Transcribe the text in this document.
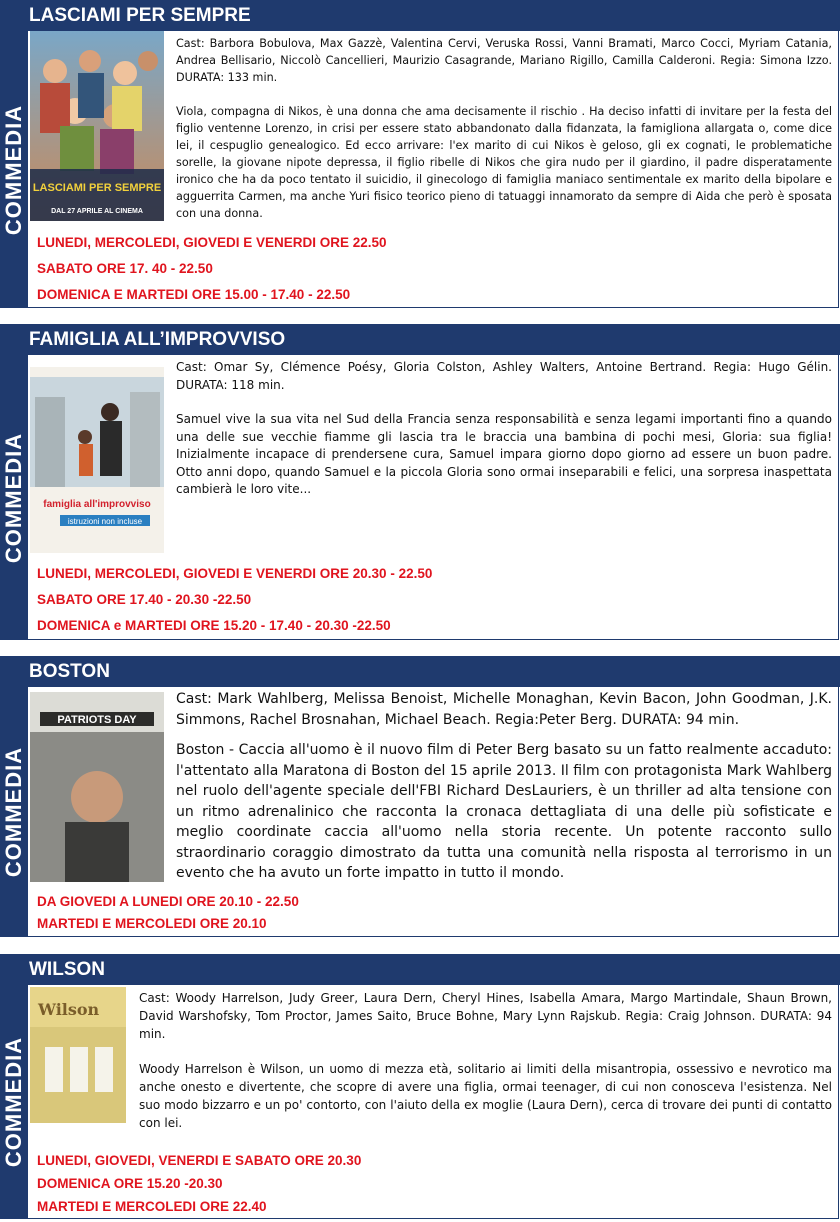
LASCIAMI PER SEMPRE
COMMEDIA LASCIAMI PER SEMPRE
DAL 27 APRILE AL CINEMA

Cast: Barbora Bobulova, Max Gazzè, Valentina Cervi, Veruska Rossi, Vanni Bramati, Marco Cocci, Myriam Catania, Andrea Bellisario, Niccolò Cancellieri, Maurizio Casagrande, Mariano Rigillo, Camilla Calderoni. Regia: Simona Izzo. DURATA: 133 min.

Viola, compagna di Nikos, è una donna che ama decisamente il rischio . Ha deciso infatti di invitare per la festa del figlio ventenne Lorenzo, in crisi per essere stato abbandonato dalla fidanzata, la famigliona allargata o, come dice lei, il cespuglio genealogico. Ed ecco arrivare: l'ex marito di cui Nikos è geloso, gli ex cognati, le problematiche sorelle, la giovane nipote depressa, il figlio ribelle di Nikos che gira nudo per il giardino, il padre disperatamente ironico che ha da poco tentato il suicidio, il ginecologo di famiglia maniaco sentimentale ex marito della bipolare e agguerrita Carmen, ma anche Yuri fisico teorico pieno di tatuaggi innamorato da sempre di Aida che però è sposata con una donna.

LUNEDI, MERCOLEDI, GIOVEDI E VENERDI ORE 22.50
SABATO ORE 17. 40 - 22.50
DOMENICA E MARTEDI ORE 15.00 - 17.40 - 22.50
FAMIGLIA ALL’IMPROVVISO
COMMEDIA famiglia all'improvviso
istruzioni non incluse

Cast: Omar Sy, Clémence Poésy, Gloria Colston, Ashley Walters, Antoine Bertrand. Regia: Hugo Gélin. DURATA: 118 min.

Samuel vive la sua vita nel Sud della Francia senza responsabilità e senza legami importanti fino a quando una delle sue vecchie fiamme gli lascia tra le braccia una bambina di pochi mesi, Gloria: sua figlia! Inizialmente incapace di prendersene cura, Samuel impara giorno dopo giorno ad essere un buon padre. Otto anni dopo, quando Samuel e la piccola Gloria sono ormai inseparabili e felici, una sorpresa inaspettata cambierà le loro vite...

LUNEDI, MERCOLEDI, GIOVEDI E VENERDI ORE 20.30 - 22.50
SABATO ORE 17.40 - 20.30 -22.50
DOMENICA e MARTEDI ORE 15.20 - 17.40 - 20.30 -22.50
BOSTON
COMMEDIA
PATRIOTS DAY

Cast: Mark Wahlberg, Melissa Benoist, Michelle Monaghan, Kevin Bacon, John Goodman, J.K. Simmons, Rachel Brosnahan, Michael Beach. Regia:Peter Berg. DURATA: 94 min.

Boston - Caccia all'uomo è il nuovo film di Peter Berg basato su un fatto realmente accaduto: l'attentato alla Maratona di Boston del 15 aprile 2013. Il film con protagonista Mark Wahlberg nel ruolo dell'agente speciale dell'FBI Richard DesLauriers, è un thriller ad alta tensione con un ritmo adrenalinico che racconta la cronaca dettagliata di una delle più sofisticate e meglio coordinate caccia all'uomo nella storia recente. Un potente racconto sullo straordinario coraggio dimostrato da tutta una comunità nella risposta al terrorismo in un evento che ha avuto un forte impatto in tutto il mondo.

DA GIOVEDI A LUNEDI ORE 20.10 - 22.50
MARTEDI E MERCOLEDI ORE 20.10
WILSON
COMMEDIA
Wilson

Cast: Woody Harrelson, Judy Greer, Laura Dern, Cheryl Hines, Isabella Amara, Margo Martindale, Shaun Brown, David Warshofsky, Tom Proctor, James Saito, Bruce Bohne, Mary Lynn Rajskub. Regia: Craig Johnson. DURATA: 94 min.

Woody Harrelson è Wilson, un uomo di mezza età, solitario ai limiti della misantropia, ossessivo e nevrotico ma anche onesto e divertente, che scopre di avere una figlia, ormai teenager, di cui non conosceva l'esistenza. Nel suo modo bizzarro e un po' contorto, con l'aiuto della ex moglie (Laura Dern), cerca di trovare dei punti di contatto con lei.

LUNEDI, GIOVEDI, VENERDI E SABATO ORE 20.30
DOMENICA ORE 15.20 -20.30
MARTEDI E MERCOLEDI ORE 22.40
